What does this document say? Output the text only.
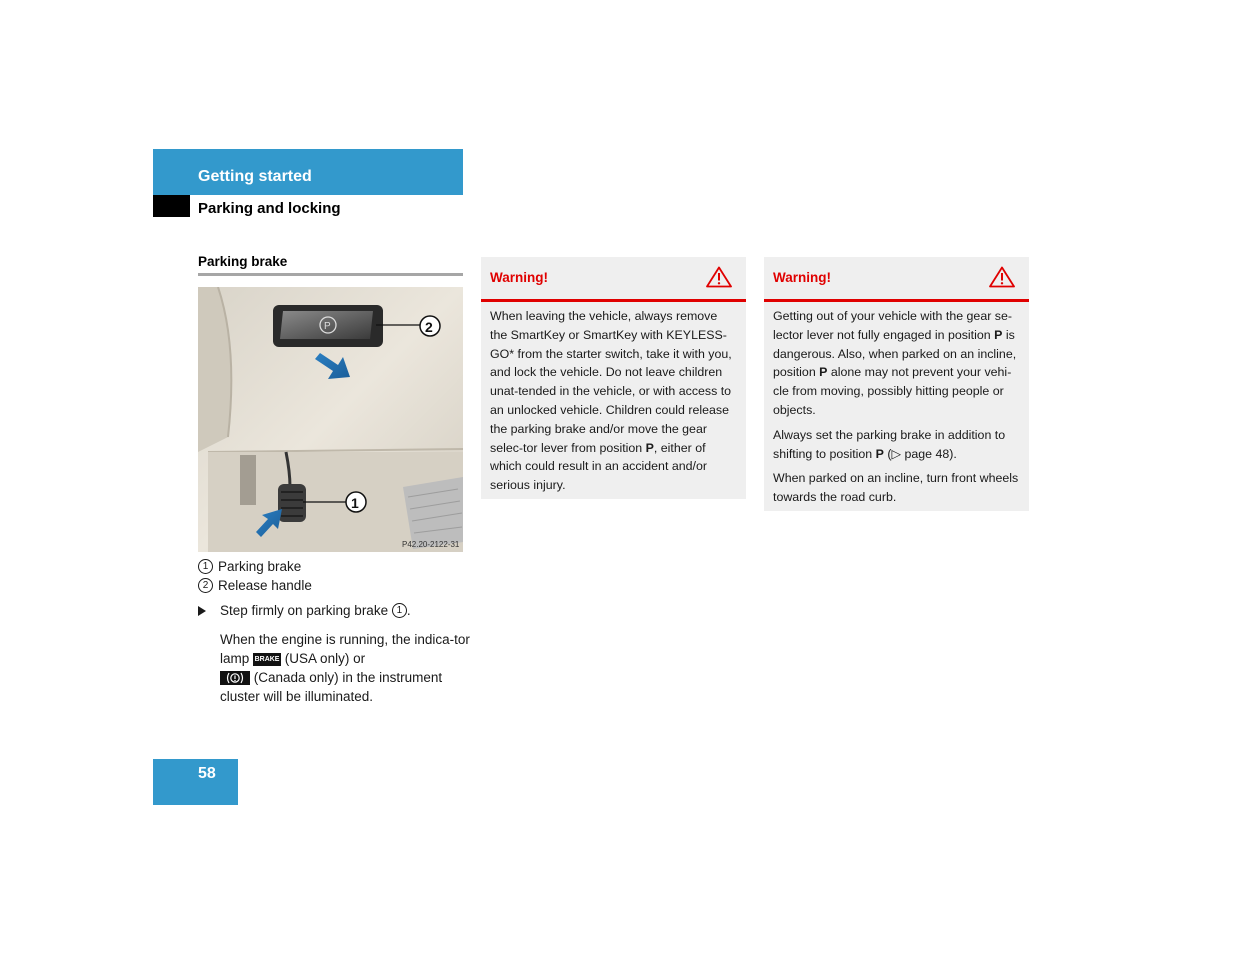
Getting started
Parking and locking
Parking brake
P	2
1
P42.20-2122-31
1 Parking brake
2 Release handle
Step firmly on parking brake
1 .
When the engine is running, the indica-tor lamp BRAKE (USA only) or

(Canada only) in the instrument cluster will be illuminated.
Warning!

When leaving the vehicle, always remove the SmartKey or SmartKey with KEYLESS-GO* from the starter switch, take it with you, and lock the vehicle. Do not leave children unat-tended in the vehicle, or with access to an unlocked vehicle. Children could release the parking brake and/or move the gear selec-tor lever from position P, either of which could result in an accident and/or serious injury.

Warning!

Getting out of your vehicle with the gear se-lector lever not fully engaged in position P is dangerous. Also, when parked on an incline, position P alone may not prevent your vehi-cle from moving, possibly hitting people or objects.

Always set the parking brake in addition to shifting to position P (▷ page 48).

When parked on an incline, turn front wheels towards the road curb.

58
